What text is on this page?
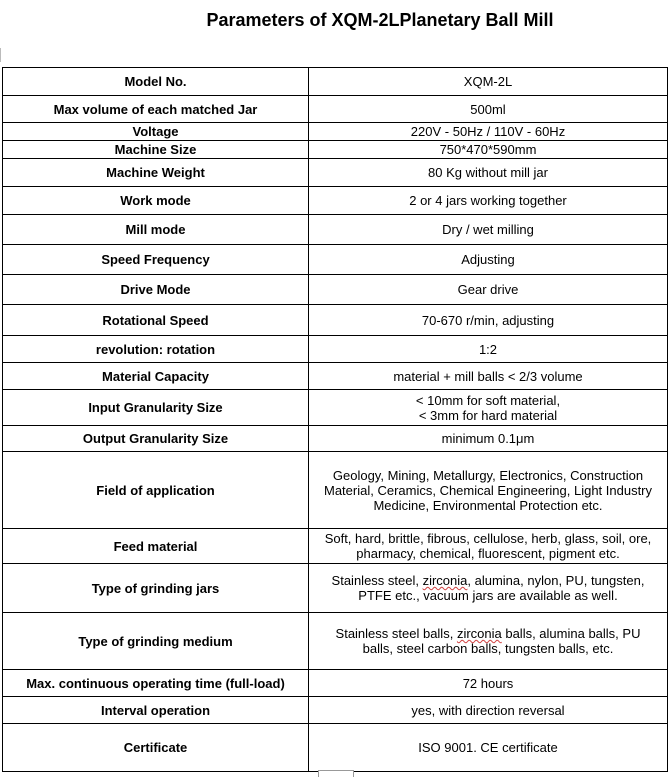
Parameters of XQM-2LPlanetary Ball Mill
Model No.	XQM-2L
Max volume of each matched Jar	500ml
Voltage	220V - 50Hz / 110V - 60Hz
Machine Size	750*470*590mm
Machine Weight	80 Kg without mill jar
Work mode	2 or 4 jars working together
Mill mode	Dry / wet milling
Speed Frequency	Adjusting
Drive Mode	Gear drive
Rotational Speed	70-670 r/min, adjusting
revolution: rotation	1:2
Material Capacity	material + mill balls < 2/3 volume
Input Granularity Size	< 10mm for soft material,
< 3mm for hard material

Output Granularity Size	minimum 0.1μm
Field of application	Geology, Mining, Metallurgy, Electronics, Construction
Material, Ceramics, Chemical Engineering, Light Industry
Medicine, Environmental Protection etc.

Feed material	Soft, hard, brittle, fibrous, cellulose, herb, glass, soil, ore,
pharmacy, chemical, fluorescent, pigment etc.

Type of grinding jars	Stainless steel, zirconia, alumina, nylon, PU, tungsten,
PTFE etc., vacuum jars are available as well.

Type of grinding medium	Stainless steel balls, zirconia balls, alumina balls, PU
balls, steel carbon balls, tungsten balls, etc.

Max. continuous operating time (full-load)	72 hours
Interval operation	yes, with direction reversal
Certificate	ISO 9001. CE certificate
